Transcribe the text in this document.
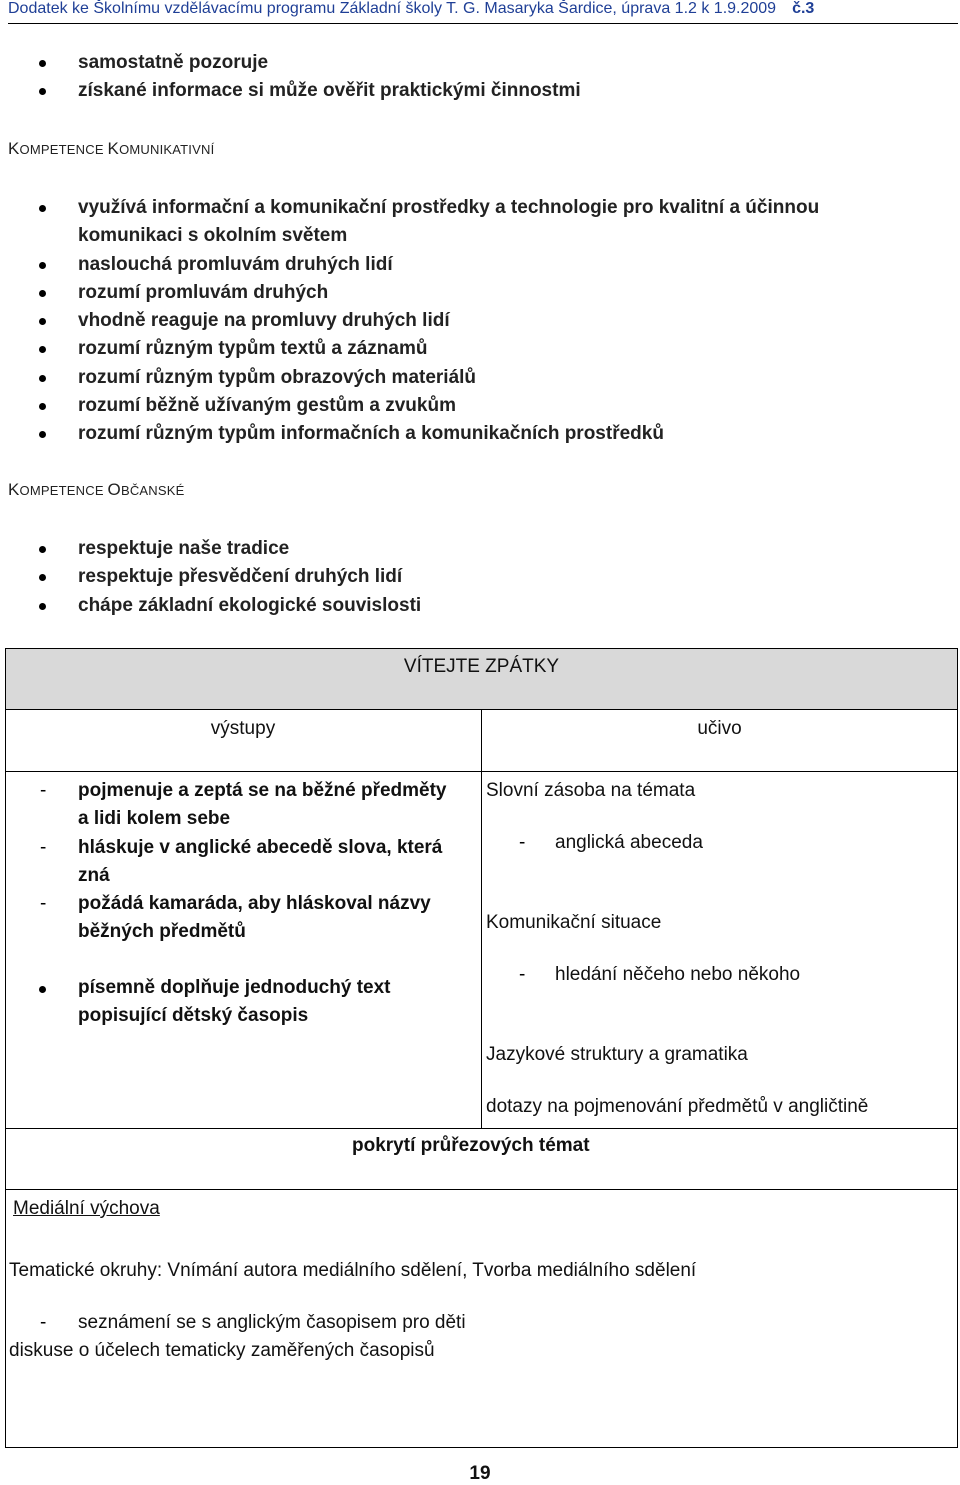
Dodatek ke Školnímu vzdělávacímu programu Základní školy T. G. Masaryka Šardice, úprava 1.2 k 1.9.2009 č.3
samostatně pozoruje
získané informace si může ověřit praktickými činnostmi
KOMPETENCE KOMUNIKATIVNÍ
využívá informační a komunikační prostředky a technologie pro kvalitní a účinnou
komunikaci s okolním světem
naslouchá promluvám druhých lidí
rozumí promluvám druhých
vhodně reaguje na promluvy druhých lidí
rozumí různým typům textů a záznamů
rozumí různým typům obrazových materiálů
rozumí běžně užívaným gestům a zvukům
rozumí různým typům informačních a komunikačních prostředků
KOMPETENCE OBČANSKÉ
respektuje naše tradice
respektuje přesvědčení druhých lidí
chápe základní ekologické souvislosti
VÍTEJTE ZPÁTKY
výstupy	učivo
- pojmenuje a zeptá se na běžné předměty
a lidi kolem sebe
- hláskuje v anglické abecedě slova, která
zná
- požádá kamaráda, aby hláskoval názvy
běžných předmětů
písemně doplňuje jednoduchý text
popisující dětský časopis
Slovní zásoba na témata
- anglická abeceda
Komunikační situace
- hledání něčeho nebo někoho
Jazykové struktury a gramatika
dotazy na pojmenování předmětů v angličtině
pokrytí průřezových témat
Mediální výchova
Tematické okruhy: Vnímání autora mediálního sdělení, Tvorba mediálního sdělení
- seznámení se s anglickým časopisem pro děti
diskuse o účelech tematicky zaměřených časopisů
19
